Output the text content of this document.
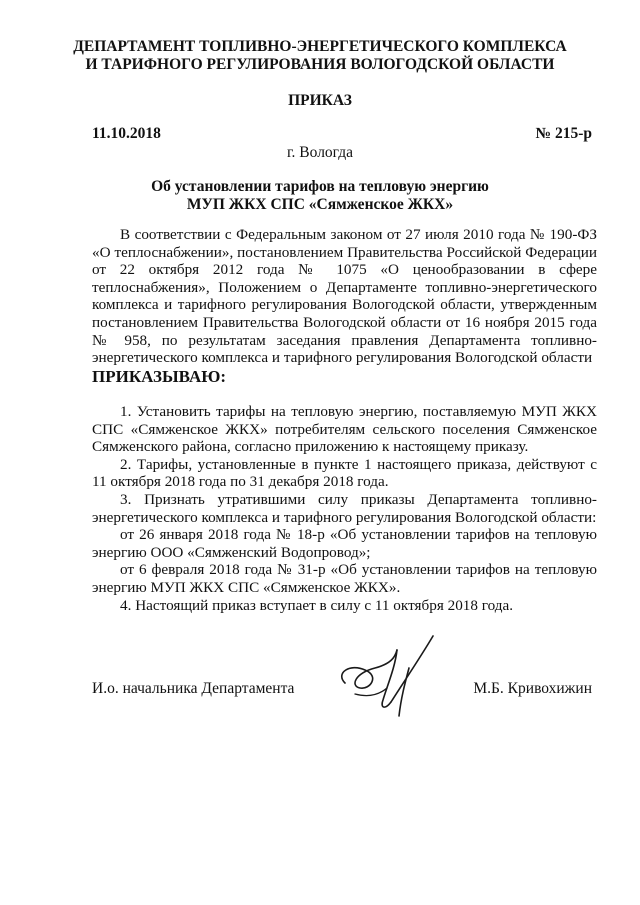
ДЕПАРТАМЕНТ ТОПЛИВНО-ЭНЕРГЕТИЧЕСКОГО КОМПЛЕКСА
И ТАРИФНОГО РЕГУЛИРОВАНИЯ ВОЛОГОДСКОЙ ОБЛАСТИ
ПРИКАЗ
11.10.2018	№ 215-р
г. Вологда
Об установлении тарифов на тепловую энергию
МУП ЖКХ СПС «Сямженское ЖКХ»

В соответствии с Федеральным законом от 27 июля 2010 года № 190-ФЗ «О теплоснабжении», постановлением Правительства Российской Федерации от 22 октября 2012 года № 1075 «О ценообразовании в сфере теплоснабжения», Положением о Департаменте топливно-энергетического комплекса и тарифного регулирования Вологодской области, утвержденным постановлением Правительства Вологодской области от 16 ноября 2015 года № 958, по результатам заседания правления Департамента топливно-энергетического комплекса и тарифного регулирования Вологодской области

ПРИКАЗЫВАЮ:

1. Установить тарифы на тепловую энергию, поставляемую МУП ЖКХ СПС «Сямженское ЖКХ» потребителям сельского поселения Сямженское Сямженского района, согласно приложению к настоящему приказу.

2. Тарифы, установленные в пункте 1 настоящего приказа, действуют с 11 октября 2018 года по 31 декабря 2018 года.

3. Признать утратившими силу приказы Департамента топливно-энергетического комплекса и тарифного регулирования Вологодской области:

от 26 января 2018 года № 18-р «Об установлении тарифов на тепловую энергию ООО «Сямженский Водопровод»;

от 6 февраля 2018 года № 31-р «Об установлении тарифов на тепловую энергию МУП ЖКХ СПС «Сямженское ЖКХ».

4. Настоящий приказ вступает в силу с 11 октября 2018 года.

И.о. начальника Департамента	М.Б. Кривохижин
